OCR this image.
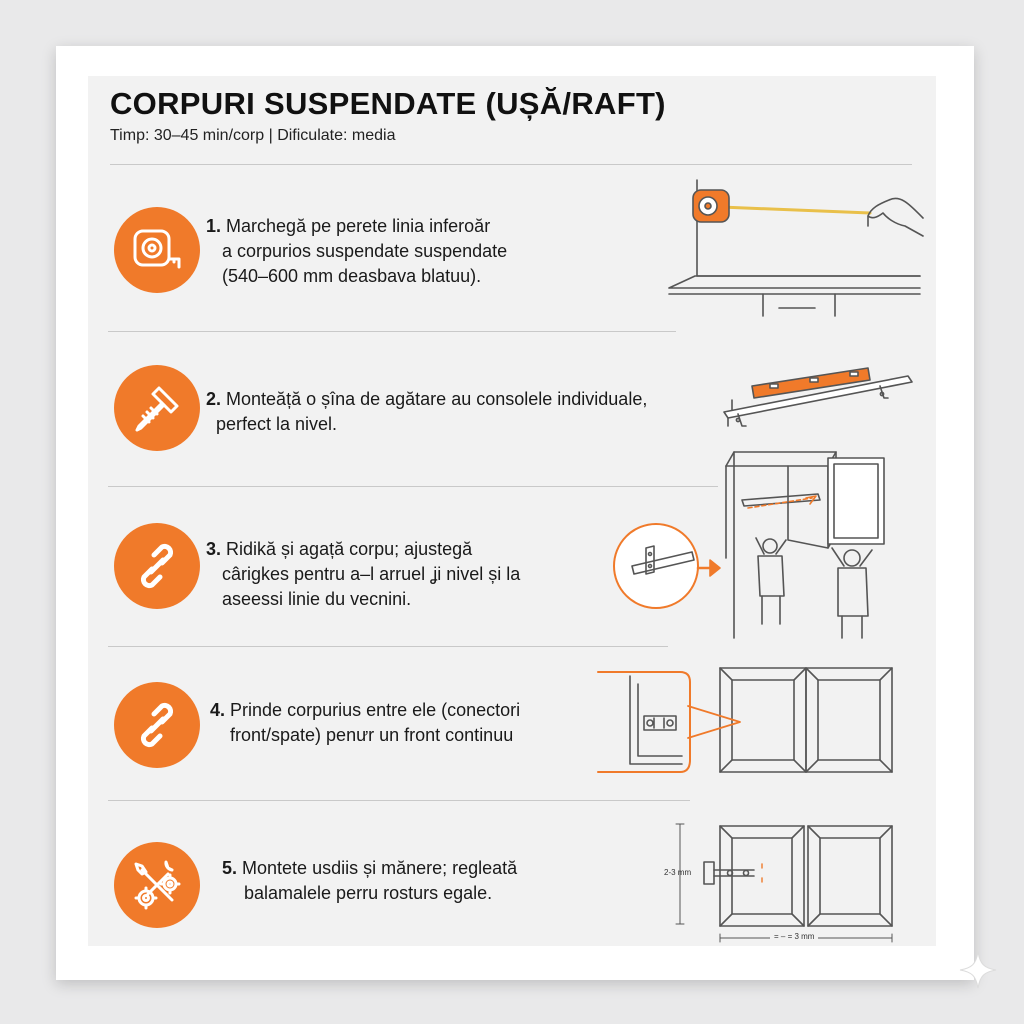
CORPURI SUSPENDATE (UȘĂ/RAFT)
Timp: 30–45 min/corp | Dificulate: media
1. Marchegă pe perete linia inferoăr
a corpurios suspendate suspendate
(540–600 mm deasbava blatuu).
2. Montеăță o șîna de agătare au consolele individuale,
perfect la nivel.
3. Ridikă și agață corpu; ajustegă
cârigkes pentru a–l arruel ʝi nivel și la
asеessi linie du vecnini.
4. Prinde corpurius entre ele (conectori
front/spate) penưr un front continuu
5. Montete usdiis și mănere; regleată
balamalele perru rosturs egale.
2-3 mm
= – = 3 mm
